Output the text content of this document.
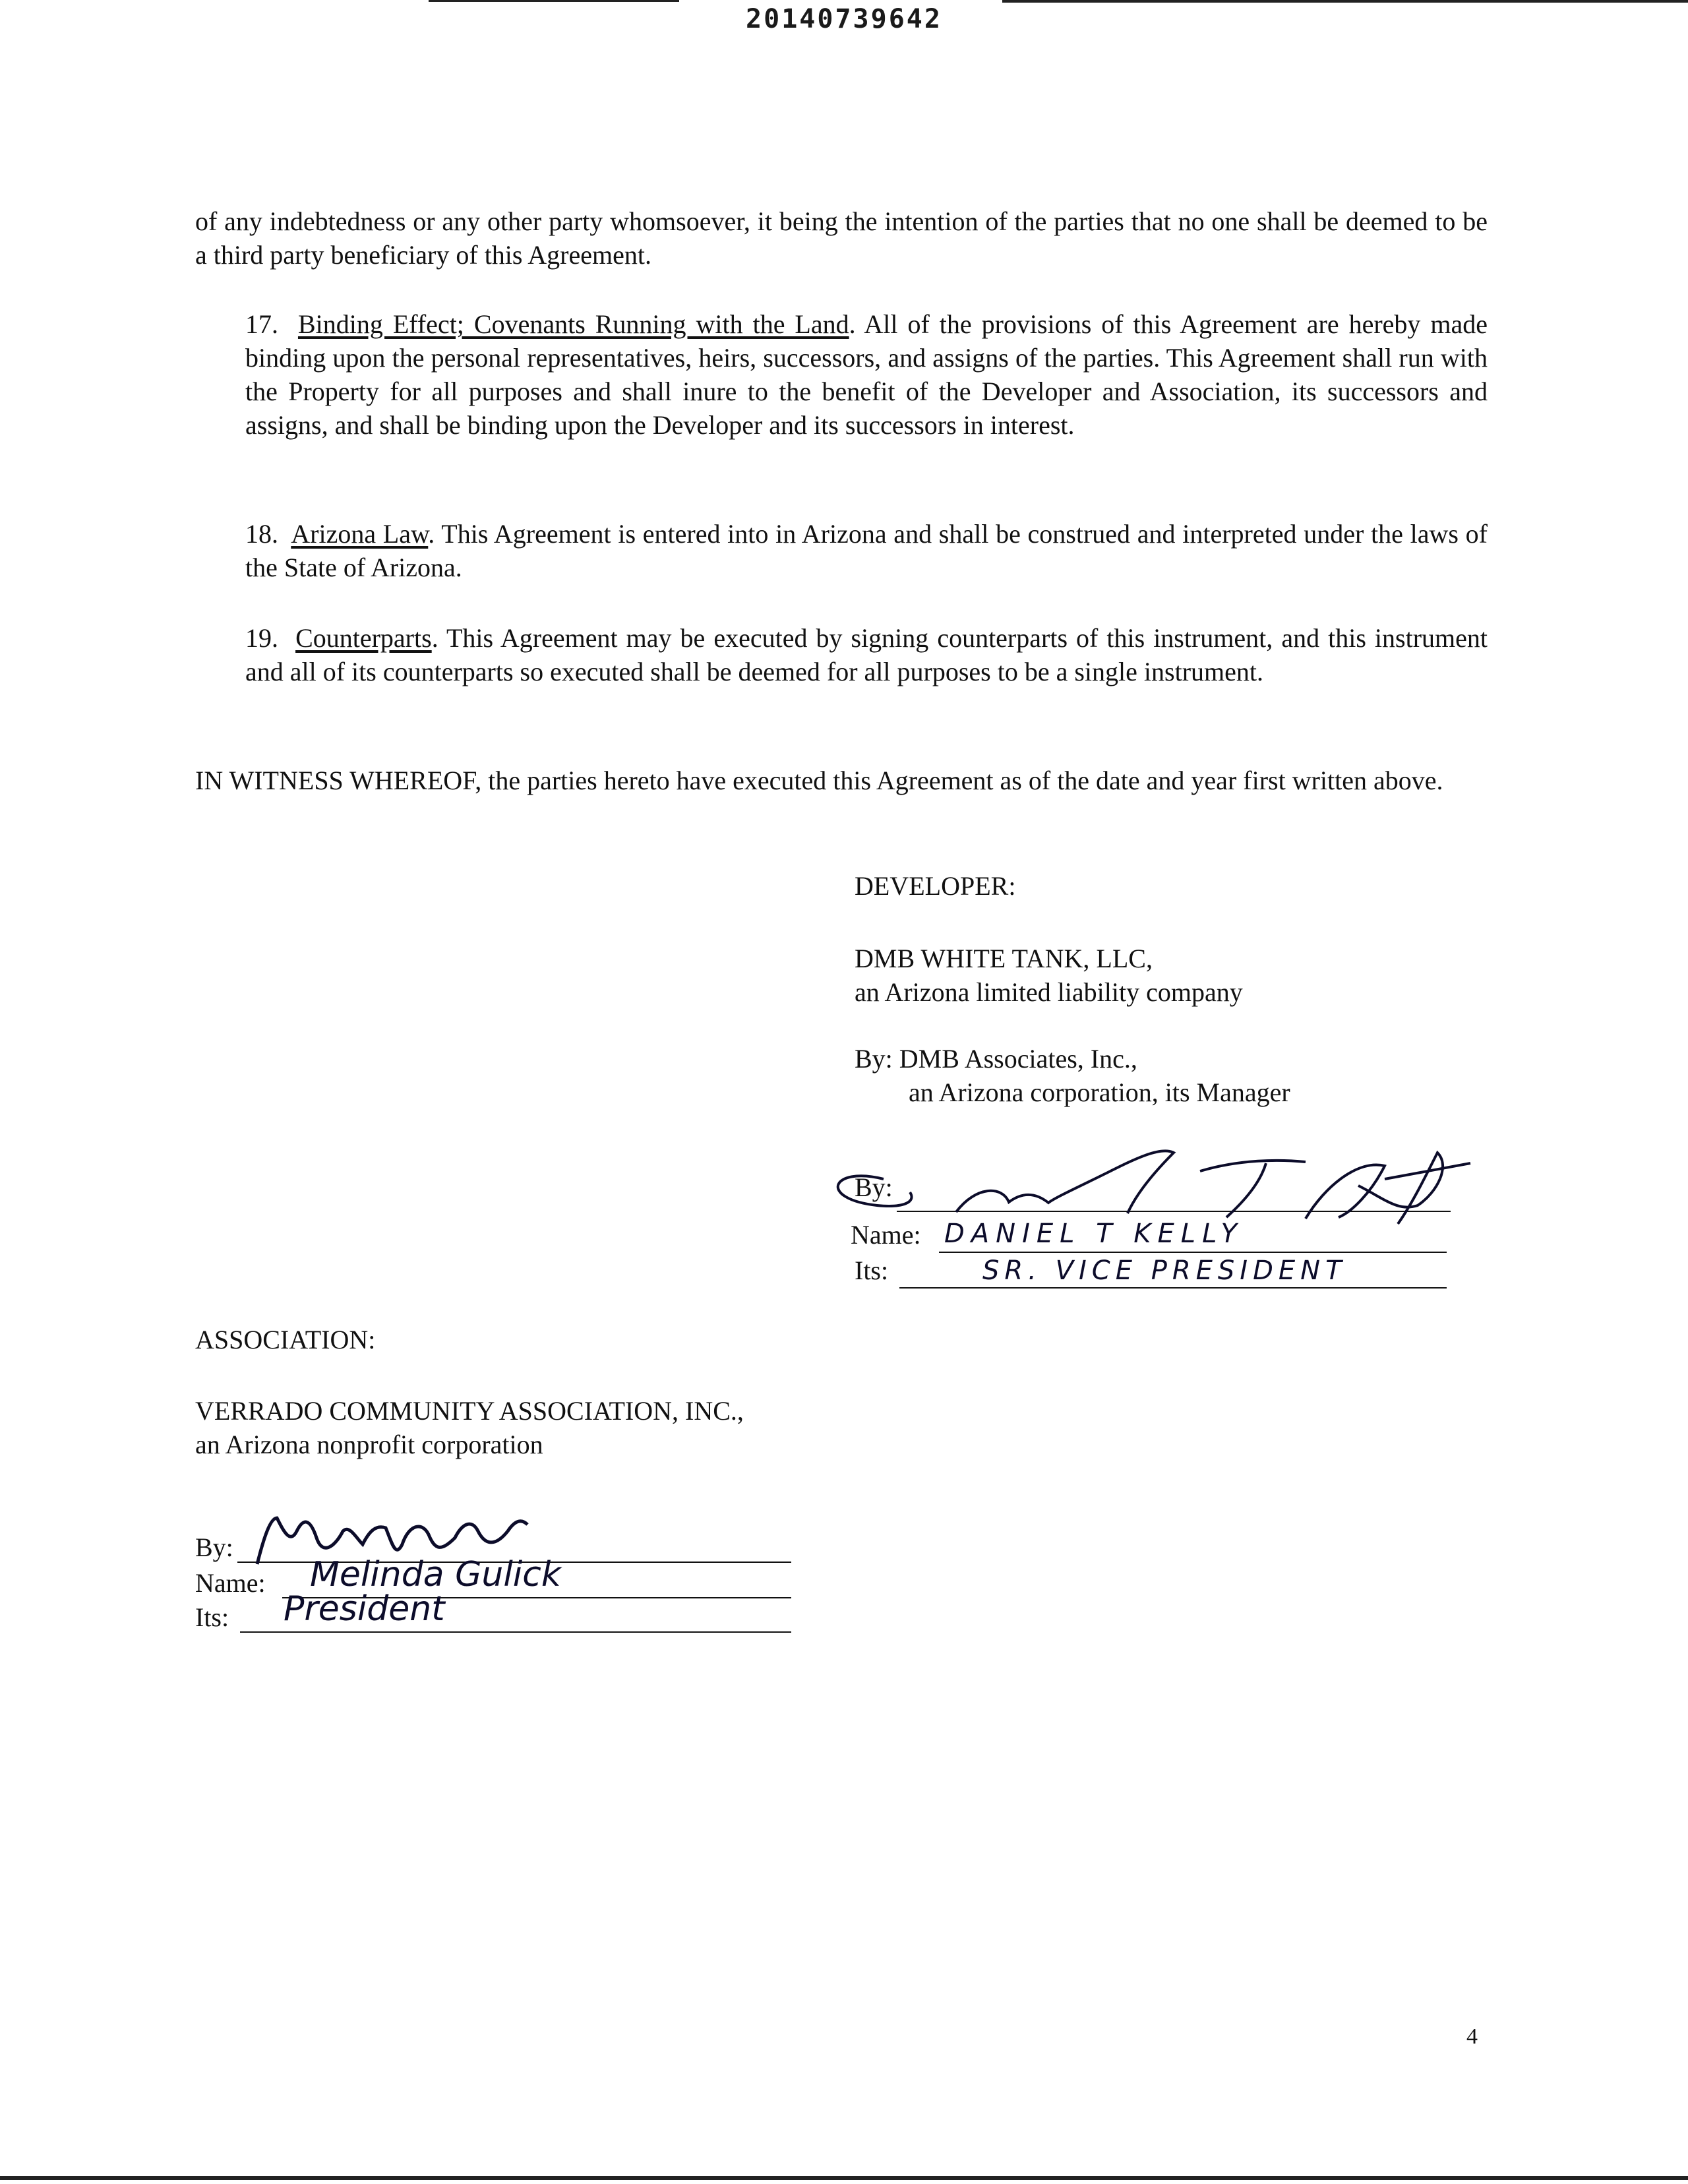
20140739642

of any indebtedness or any other party whomsoever, it being the intention of the parties that no one shall be deemed to be a third party beneficiary of this Agreement.

17. Binding Effect; Covenants Running with the Land. All of the provisions of this Agreement are hereby made binding upon the personal representatives, heirs, successors, and assigns of the parties. This Agreement shall run with the Property for all purposes and shall inure to the benefit of the Developer and Association, its successors and assigns, and shall be binding upon the Developer and its successors in interest.

18. Arizona Law. This Agreement is entered into in Arizona and shall be construed and interpreted under the laws of the State of Arizona.

19. Counterparts. This Agreement may be executed by signing counterparts of this instrument, and this instrument and all of its counterparts so executed shall be deemed for all purposes to be a single instrument.

IN WITNESS WHEREOF, the parties hereto have executed this Agreement as of the date and year first written above.

DEVELOPER:

DMB WHITE TANK, LLC,

an Arizona limited liability company

By: DMB Associates, Inc.,

an Arizona corporation, its Manager

By:
Name: DANIEL T KELLY
Its:	SR. VICE PRESIDENT

ASSOCIATION:

VERRADO COMMUNITY ASSOCIATION, INC.,

an Arizona nonprofit corporation

By:
Name: Melinda Gulick
Its: President
4
